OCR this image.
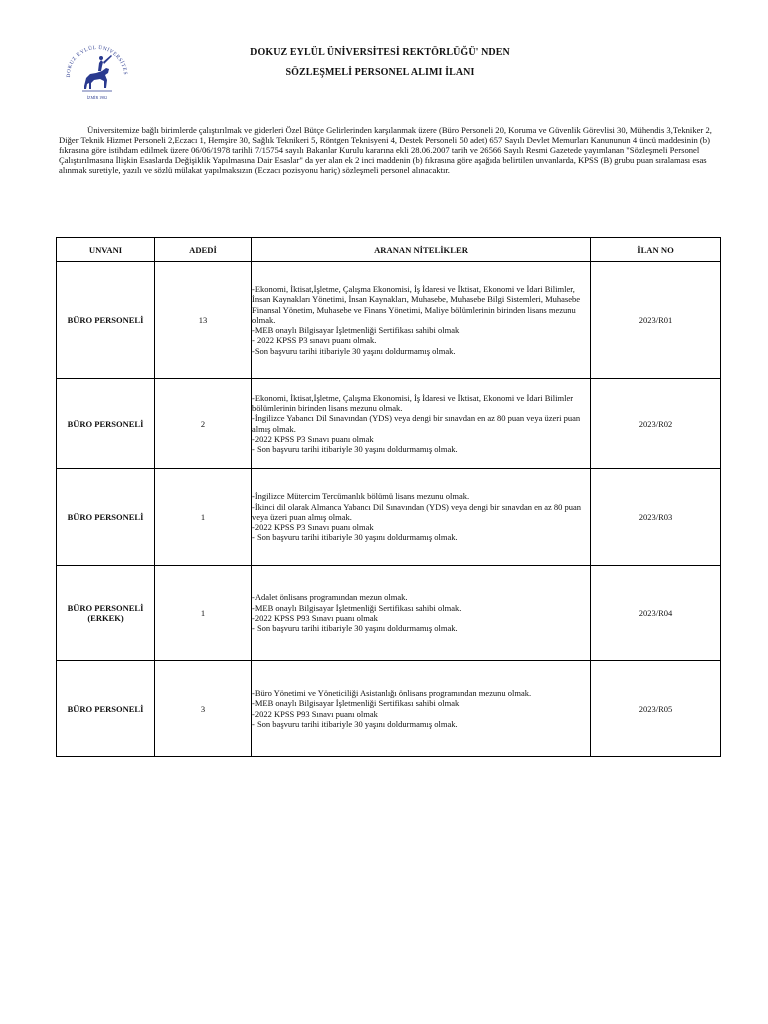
DOKUZ EYLÜL ÜNİVERSİTES
İZMİR 1982
DOKUZ EYLÜL ÜNİVERSİTESİ REKTÖRLÜĞÜ' NDEN
SÖZLEŞMELİ PERSONEL ALIMI İLANI
Üniversitemize bağlı birimlerde çalıştırılmak ve giderleri Özel Bütçe Gelirlerinden karşılanmak üzere (Büro Personeli 20, Koruma ve Güvenlik Görevlisi 30, Mühendis 3,Tekniker 2, Diğer Teknik Hizmet Personeli 2,Eczacı 1, Hemşire 30, Sağlık Teknikeri 5, Röntgen Teknisyeni 4, Destek Personeli 50 adet) 657 Sayılı Devlet Memurları Kanununun 4 üncü maddesinin (b) fıkrasına göre istihdam edilmek üzere 06/06/1978 tarihli 7/15754 sayılı Bakanlar Kurulu kararına ekli 28.06.2007 tarih ve 26566 Sayılı Resmi Gazetede yayımlanan "Sözleşmeli Personel Çalıştırılmasına İlişkin Esaslarda Değişiklik Yapılmasına Dair Esaslar" da yer alan ek 2 inci maddenin (b) fıkrasına göre aşağıda belirtilen unvanlarda, KPSS (B) grubu puan sıralaması esas alınmak suretiyle, yazılı ve sözlü mülakat yapılmaksızın (Eczacı pozisyonu hariç) sözleşmeli personel alınacaktır.
UNVANI	ADEDİ	ARANAN NİTELİKLER	İLAN NO
BÜRO PERSONELİ	13	-Ekonomi, İktisat,İşletme, Çalışma Ekonomisi, İş İdaresi ve İktisat, Ekonomi ve İdari Bilimler, İnsan Kaynakları Yönetimi, İnsan Kaynakları, Muhasebe, Muhasebe Bilgi Sistemleri, Muhasebe Finansal Yönetim, Muhasebe ve Finans Yönetimi, Maliye bölümlerinin birinden lisans mezunu olmak.
-MEB onaylı Bilgisayar İşletmenliği Sertifikası sahibi olmak
- 2022 KPSS P3 sınavı puanı olmak.
-Son başvuru tarihi itibariyle 30 yaşını doldurmamış olmak.	2023/R01
BÜRO PERSONELİ	2	-Ekonomi, İktisat,İşletme, Çalışma Ekonomisi, İş İdaresi ve İktisat, Ekonomi ve İdari Bilimler bölümlerinin birinden lisans mezunu olmak.
-İngilizce Yabancı Dil Sınavından (YDS) veya dengi bir sınavdan en az 80 puan veya üzeri puan almış olmak.
-2022 KPSS P3 Sınavı puanı olmak
- Son başvuru tarihi itibariyle 30 yaşını doldurmamış olmak.	2023/R02
BÜRO PERSONELİ	1	-İngilizce Mütercim Tercümanlık bölümü lisans mezunu olmak.
-İkinci dil olarak Almanca Yabancı Dil Sınavından (YDS) veya dengi bir sınavdan en az 80 puan veya üzeri puan almış olmak.
-2022 KPSS P3 Sınavı puanı olmak
- Son başvuru tarihi itibariyle 30 yaşını doldurmamış olmak.	2023/R03
BÜRO PERSONELİ (ERKEK)	1	-Adalet önlisans programından mezun olmak.
-MEB onaylı Bilgisayar İşletmenliği Sertifikası sahibi olmak.
-2022 KPSS P93 Sınavı puanı olmak
- Son başvuru tarihi itibariyle 30 yaşını doldurmamış olmak.	2023/R04
BÜRO PERSONELİ	3	-Büro Yönetimi ve Yöneticiliği Asistanlığı önlisans programından mezunu olmak.
-MEB onaylı Bilgisayar İşletmenliği Sertifikası sahibi olmak
-2022 KPSS P93 Sınavı puanı olmak
- Son başvuru tarihi itibariyle 30 yaşını doldurmamış olmak.	2023/R05
